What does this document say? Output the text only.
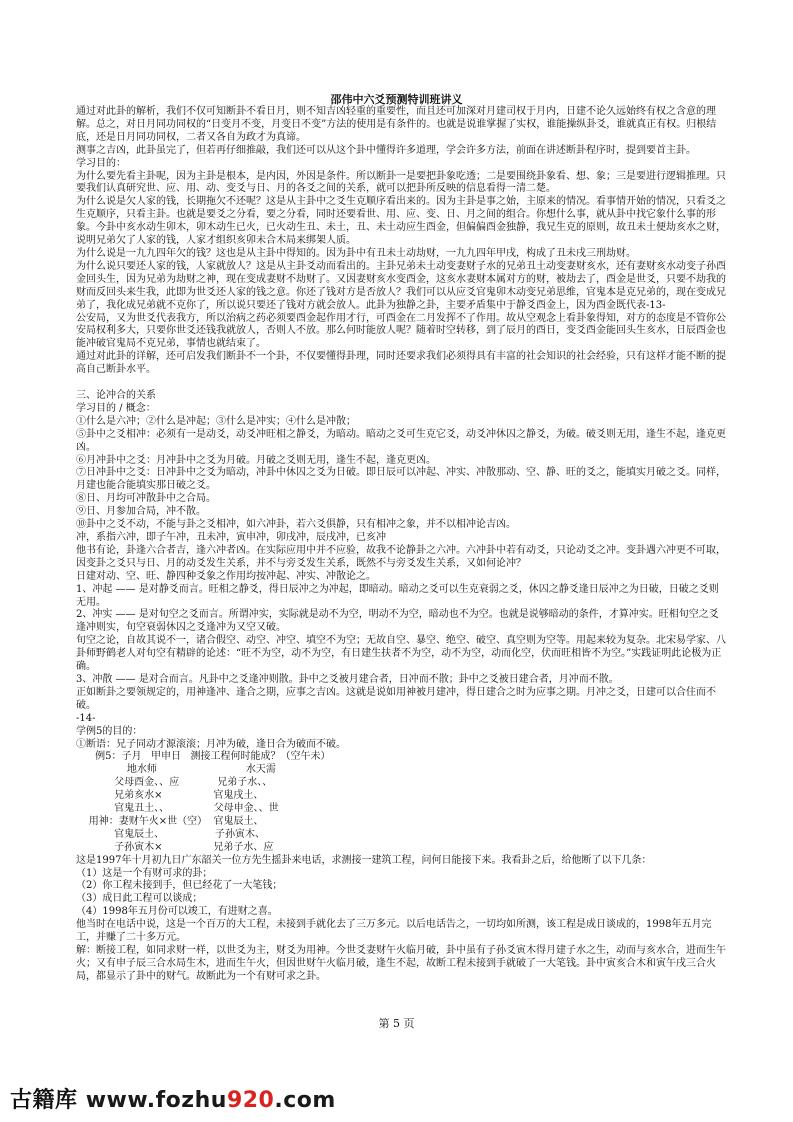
邵伟中六爻预测特训班讲义

通过对此卦的解析，我们不仅可知断卦不看日月，则不知吉凶轻重的重要性，而且还可加深对月建司权于月内，日建不论久远始终有权之含意的理解。总之，对日月同功同权的“日变月不变，月变日不变”方法的使用是有条件的。也就是说谁掌握了实权，谁能操纵卦爻，谁就真正有权。归根结底，还是日月同功同权，二者又各自为政才为真谛。

测事之吉凶，此卦虽完了，但若再仔细推敲，我们还可以从这个卦中懂得许多道理，学会许多方法，前面在讲述断卦程序时，提到要首主卦。

学习目的：

为什么要先看主卦呢，因为主卦是根本，是内因，外因是条件。所以断卦一是要把卦象吃透；二是要围绕卦象看、想、象；三是要进行逻辑推理。只要我们认真研究世、应、用、动、变爻与日、月的各爻之间的关系，就可以把卦所反映的信息看得一清二楚。

为什么说是欠人家的钱，长期拖欠不还呢？这是从主卦中之爻生克顺序看出来的。因为主卦是事之始，主原来的情况。看事情开始的情况，只看爻之生克顺序，只看主卦。也就是要爻之分看，要之分看，同时还要看世、用、应、变、日、月之间的组合。你想什么事，就从卦中找它象什么事的形象。今卦中亥水动生卯木，卯木动生已火，已火动生丑、未土，丑、未土动应生酉金，但偏偏酉金独静，我兄生克的原则，故丑未土便劫亥水之财，说明兄弟欠了人家的钱，人家才组织亥卯未合木局来绑架人质。

为什么说是一九九四年欠的钱？这也是从主卦中得知的。因为卦中有丑未土动劫财，一九九四年甲戌，构成了丑未戌三刑劫财。

为什么说只要还人家的钱，人家就放人？这是从主卦爻动而看出的。主卦兄弟未土动变妻财子水的兄弟丑土动变妻财亥水，还有妻财亥水动变子孙酉金回头生，因为兄弟为劫财之神，现在变成妻财不劫财了。又因妻财亥水变酉金，这亥水妻财本属对方的财，被劫去了，酉金是世爻，只要不劫我的财而反回头来生我，此即为世爻还人家的钱之意。你还了钱对方是否放人？我们可以从应爻官鬼卯木动变兄弟思维，官鬼本是克兄弟的，现在变成兄弟了，我化成兄弟就不克你了，所以说只要还了钱对方就会放人。此卦为独静之卦，主要矛盾集中于静爻酉金上，因为酉金既代表-13-

公安局，又为世爻代表我方，所以治病之药必须要酉金起作用才行，可酉金在二月发挥不了作用。故从空观念上看卦象得知，对方的态度是不管你公安局权利多大，只要你世爻还钱我就放人，否则人不放。那么何时能放人呢？随着时空转移，到了辰月的酉日，变爻酉金能回头生亥水，日辰酉金也能冲破官鬼局不克兄弟，事情也就结束了。

通过对此卦的详解，还可启发我们断卦不一个卦，不仅要懂得卦理，同时还要求我们必须得具有丰富的社会知识的社会经验，只有这样才能不断的提高自己断卦水平。

三、论冲合的关系

学习目的 / 概念：

①什么是六冲；②什么是冲起；③什么是冲实；④什么是冲散；

⑤卦中之爻相冲：必须有一是动爻，动爻冲旺相之静爻，为暗动。暗动之爻可生克它爻，动爻冲休囚之静爻，为破。破爻则无用，逢生不起，逢克更凶。

⑥月冲卦中之爻：月冲卦中之爻为月破。月破之爻则无用，逢生不起，逢克更凶。

⑦日冲卦中之爻：日冲卦中之爻为暗动，冲卦中休囚之爻为日破。即日辰可以冲起、冲实、冲散那动、空、静、旺的爻之，能填实月破之爻。同样，月建也能合能填实那日破之爻。

⑧日、月均可冲散卦中之合局。

⑨日、月参加合局，冲不散。

⑩卦中之爻不动，不能与卦之爻相冲，如六冲卦，若六爻俱静，只有相冲之象，并不以相冲论吉凶。

冲，系指六冲，即子午冲，丑未冲，寅申冲，卯戌冲，辰戌冲，已亥冲

他书有论，卦逢六合者吉，逢六冲者凶。在实际应用中并不应验，故我不论静卦之六冲。六冲卦中若有动爻，只论动爻之冲。变卦遇六冲更不可取，因变卦之爻只与日、月的动爻发生关系，并不与旁爻发生关系，既然不与旁爻发生关系，又如何论冲？

日建对动、空、旺、静四种爻象之作用均按冲起、冲实、冲散论之。

1、冲起 —— 是对静爻而言。旺相之静爻，得日辰冲之为冲起，即暗动。暗动之爻可以生克衰弱之爻，休囚之静爻逢日辰冲之为日破，日破之爻则无用。

2、冲实 —— 是对旬空之爻而言。所谓冲实，实际就是动不为空，明动不为空，暗动也不为空。也就是说够暗动的条件，才算冲实。旺相旬空之爻逢冲则实，旬空衰弱休囚之爻逢冲为又空又破。

旬空之论，自故其说不一，诸合假空、动空、冲空、填空不为空；无故自空、暴空、绝空、破空、真空则为空等。用起来较为复杂。北宋易学家、八卦师野鹤老人对旬空有精辟的论述：“旺不为空，动不为空，有日建生扶者不为空，动不为空，动而化空，伏而旺相皆不为空。”实践证明此论极为正确。

3、冲散 —— 是对合而言。凡卦中之爻逢冲则散。卦中之爻被月建合者，日冲而不散；卦中之爻被日建合者，月冲而不散。

正如断卦之要领规定的，用神逢冲、逢合之期，应事之吉凶。这就是说如用神被月建冲，得日建合之时为应事之期。月冲之爻，日建可以合住而不破。

-14-

学例5的目的：

①断语：兄子同动才源滚滚；月冲为破，逢日合为破而不破。

例5：子月   甲申日   测接工程何时能成？（空午未）

地水师                            水天需

父母酉金、、应            兄弟子水、、

兄弟亥水×                官鬼戌土、

官鬼丑土、、              父母申金、、世

用神：妻财午火×世（空）  官鬼辰土、

官鬼辰土、                子孙寅木、

子孙寅木×                兄弟子水、应

这是1997年十月初九日广东韶关一位方先生摇卦来电话，求测接一建筑工程，问何日能接下来。我看卦之后，给他断了以下几条：

（1）这是一个有财可求的卦；

（2）你工程未接到手，但已经花了一大笔钱；

（3）成日此工程可以谈成；

（4）1998年五月份可以竣工，有进财之喜。

他当时在电话中说，这是一个百万的大工程，未接到手就化去了三万多元。以后电话告之，一切均如所测，该工程是成日谈成的，1998年五月完工，并赚了二十多万元。

解：断接工程，如同求财一样，以世爻为主，财爻为用神。今世爻妻财午火临月破，卦中虽有子孙爻寅木得月建子水之生，动而与亥水合，进而生午火；又有申子辰三合水局生木，进而生午火，但因世财午火临月破，逢生不起，故断工程未接到手就破了一大笔钱。卦中寅亥合木和寅午戌三合火局，都显示了卦中的财气。故断此为一个有财可求之卦。

第 5 页
古籍库 www.fozhu920.com
